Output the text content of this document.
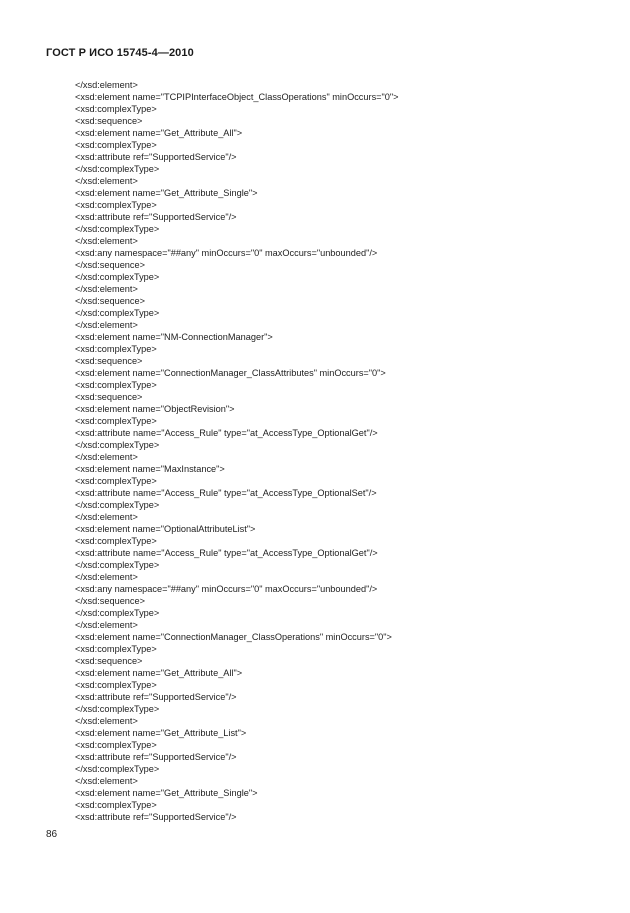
ГОСТ Р ИСО 15745-4—2010
</xsd:element>
<xsd:element name="TCPIPInterfaceObject_ClassOperations" minOccurs="0">
<xsd:complexType>
<xsd:sequence>
<xsd:element name="Get_Attribute_All">
<xsd:complexType>
<xsd:attribute ref="SupportedService"/>
</xsd:complexType>
</xsd:element>
<xsd:element name="Get_Attribute_Single">
<xsd:complexType>
<xsd:attribute ref="SupportedService"/>
</xsd:complexType>
</xsd:element>
<xsd:any namespace="##any" minOccurs="0" maxOccurs="unbounded"/>
</xsd:sequence>
</xsd:complexType>
</xsd:element>
</xsd:sequence>
</xsd:complexType>
</xsd:element>
<xsd:element name="NM-ConnectionManager">
<xsd:complexType>
<xsd:sequence>
<xsd:element name="ConnectionManager_ClassAttributes" minOccurs="0">
<xsd:complexType>
<xsd:sequence>
<xsd:element name="ObjectRevision">
<xsd:complexType>
<xsd:attribute name="Access_Rule" type="at_AccessType_OptionalGet"/>
</xsd:complexType>
</xsd:element>
<xsd:element name="MaxInstance">
<xsd:complexType>
<xsd:attribute name="Access_Rule" type="at_AccessType_OptionalSet"/>
</xsd:complexType>
</xsd:element>
<xsd:element name="OptionalAttributeList">
<xsd:complexType>
<xsd:attribute name="Access_Rule" type="at_AccessType_OptionalGet"/>
</xsd:complexType>
</xsd:element>
<xsd:any namespace="##any" minOccurs="0" maxOccurs="unbounded"/>
</xsd:sequence>
</xsd:complexType>
</xsd:element>
<xsd:element name="ConnectionManager_ClassOperations" minOccurs="0">
<xsd:complexType>
<xsd:sequence>
<xsd:element name="Get_Attribute_All">
<xsd:complexType>
<xsd:attribute ref="SupportedService"/>
</xsd:complexType>
</xsd:element>
<xsd:element name="Get_Attribute_List">
<xsd:complexType>
<xsd:attribute ref="SupportedService"/>
</xsd:complexType>
</xsd:element>
<xsd:element name="Get_Attribute_Single">
<xsd:complexType>
<xsd:attribute ref="SupportedService"/>
86
